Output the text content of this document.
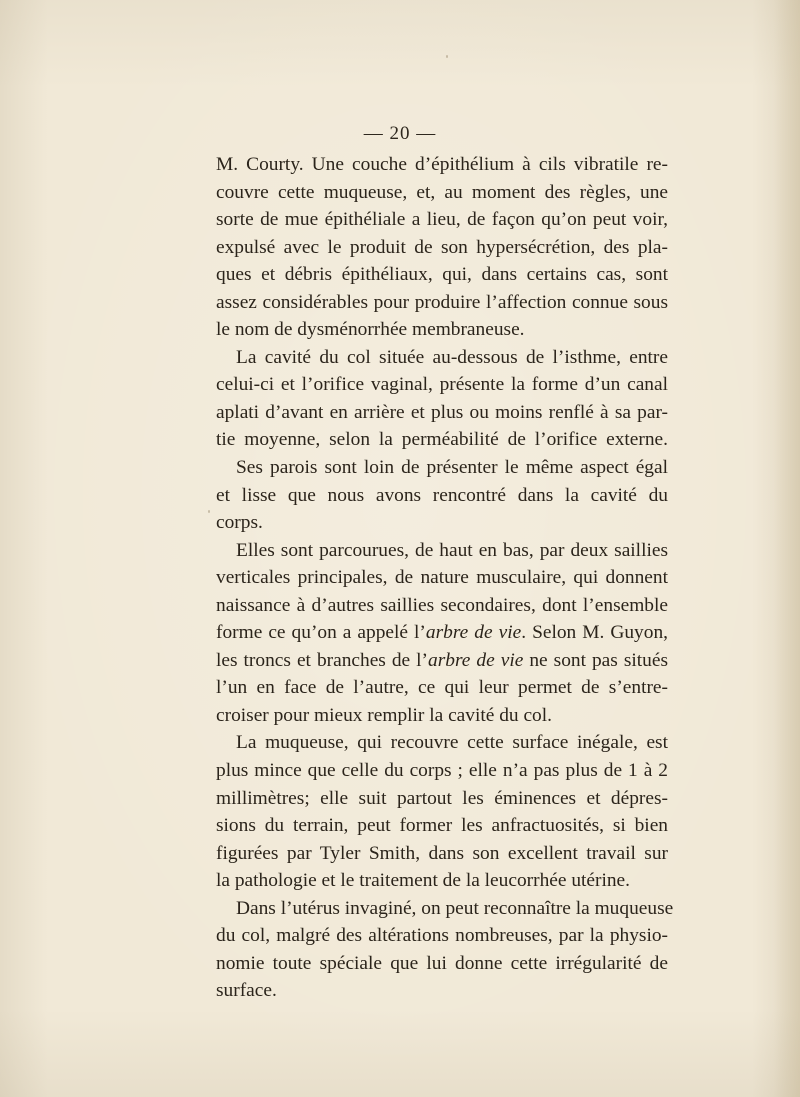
— 20 —
M. Courty. Une couche d’épithélium à cils vibratile re-
couvre cette muqueuse, et, au moment des règles, une
sorte de mue épithéliale a lieu, de façon qu’on peut voir,
expulsé avec le produit de son hypersécrétion, des pla-
ques et débris épithéliaux, qui, dans certains cas, sont
assez considérables pour produire l’affection connue sous
le nom de dysménorrhée membraneuse.
La cavité du col située au-dessous de l’isthme, entre
celui-ci et l’orifice vaginal, présente la forme d’un canal
aplati d’avant en arrière et plus ou moins renflé à sa par-
tie moyenne, selon la perméabilité de l’orifice externe.
Ses parois sont loin de présenter le même aspect égal
et lisse que nous avons rencontré dans la cavité du
corps.
Elles sont parcourues, de haut en bas, par deux saillies
verticales principales, de nature musculaire, qui donnent
naissance à d’autres saillies secondaires, dont l’ensemble
forme ce qu’on a appelé l’arbre de vie. Selon M. Guyon,
les troncs et branches de l’arbre de vie ne sont pas situés
l’un en face de l’autre, ce qui leur permet de s’entre-
croiser pour mieux remplir la cavité du col.
La muqueuse, qui recouvre cette surface inégale, est
plus mince que celle du corps ; elle n’a pas plus de 1 à 2
millimètres; elle suit partout les éminences et dépres-
sions du terrain, peut former les anfractuosités, si bien
figurées par Tyler Smith, dans son excellent travail sur
la pathologie et le traitement de la leucorrhée utérine.
Dans l’utérus invaginé, on peut reconnaître la muqueuse
du col, malgré des altérations nombreuses, par la physio-
nomie toute spéciale que lui donne cette irrégularité de
surface.
